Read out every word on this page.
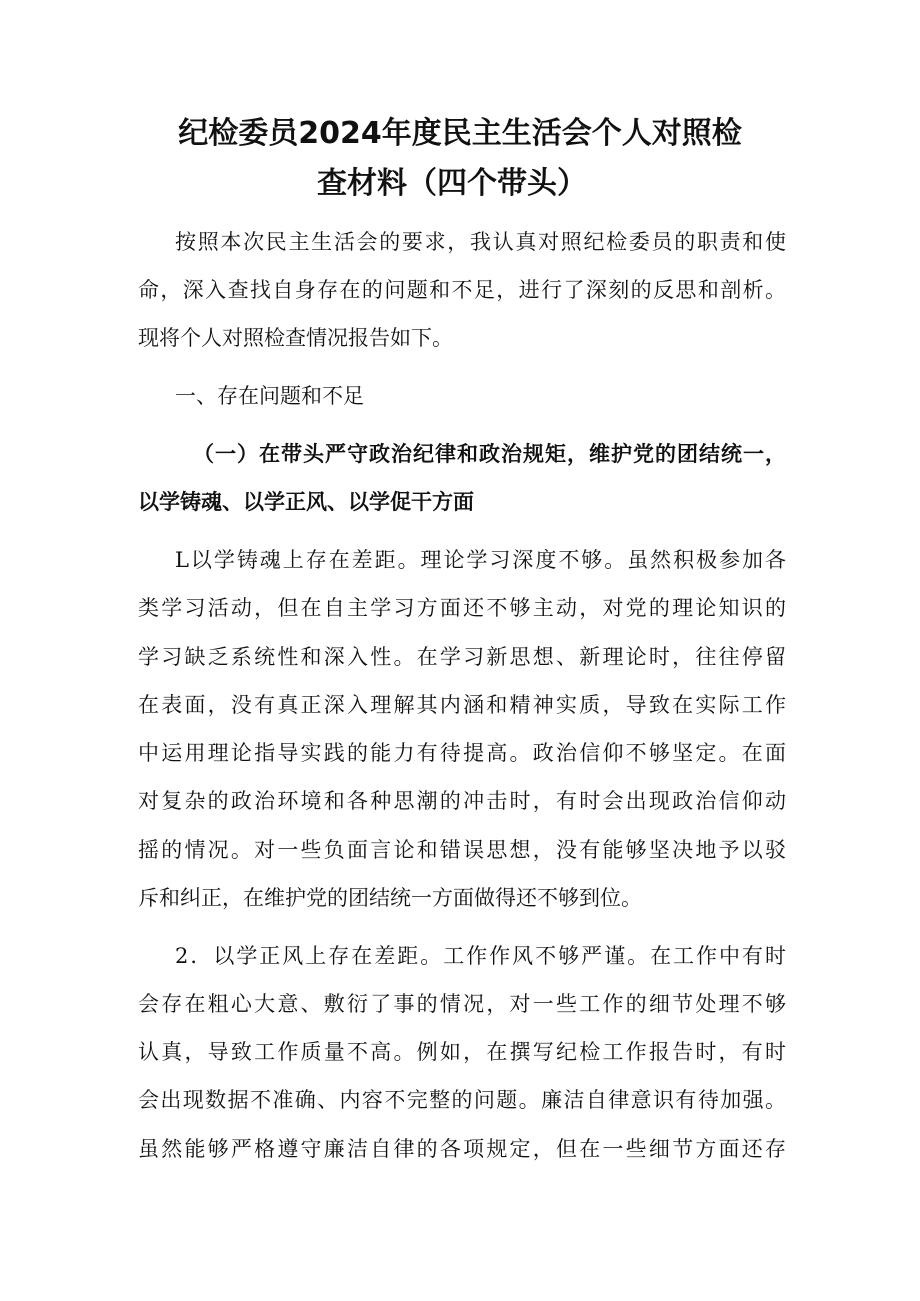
纪检委员2024年度民主生活会个人对照检
查材料（四个带头）
按照本次民主生活会的要求，我认真对照纪检委员的职责和使
命，深入查找自身存在的问题和不足，进行了深刻的反思和剖析。
现将个人对照检查情况报告如下。
一、存在问题和不足
（一）在带头严守政治纪律和政治规矩，维护党的团结统一，
以学铸魂、以学正风、以学促干方面
L以学铸魂上存在差距。理论学习深度不够。虽然积极参加各
类学习活动，但在自主学习方面还不够主动，对党的理论知识的
学习缺乏系统性和深入性。在学习新思想、新理论时，往往停留
在表面，没有真正深入理解其内涵和精神实质，导致在实际工作
中运用理论指导实践的能力有待提高。政治信仰不够坚定。在面
对复杂的政治环境和各种思潮的冲击时，有时会出现政治信仰动
摇的情况。对一些负面言论和错误思想，没有能够坚决地予以驳
斥和纠正，在维护党的团结统一方面做得还不够到位。
2．以学正风上存在差距。工作作风不够严谨。在工作中有时
会存在粗心大意、敷衍了事的情况，对一些工作的细节处理不够
认真，导致工作质量不高。例如，在撰写纪检工作报告时，有时
会出现数据不准确、内容不完整的问题。廉洁自律意识有待加强。
虽然能够严格遵守廉洁自律的各项规定，但在一些细节方面还存
